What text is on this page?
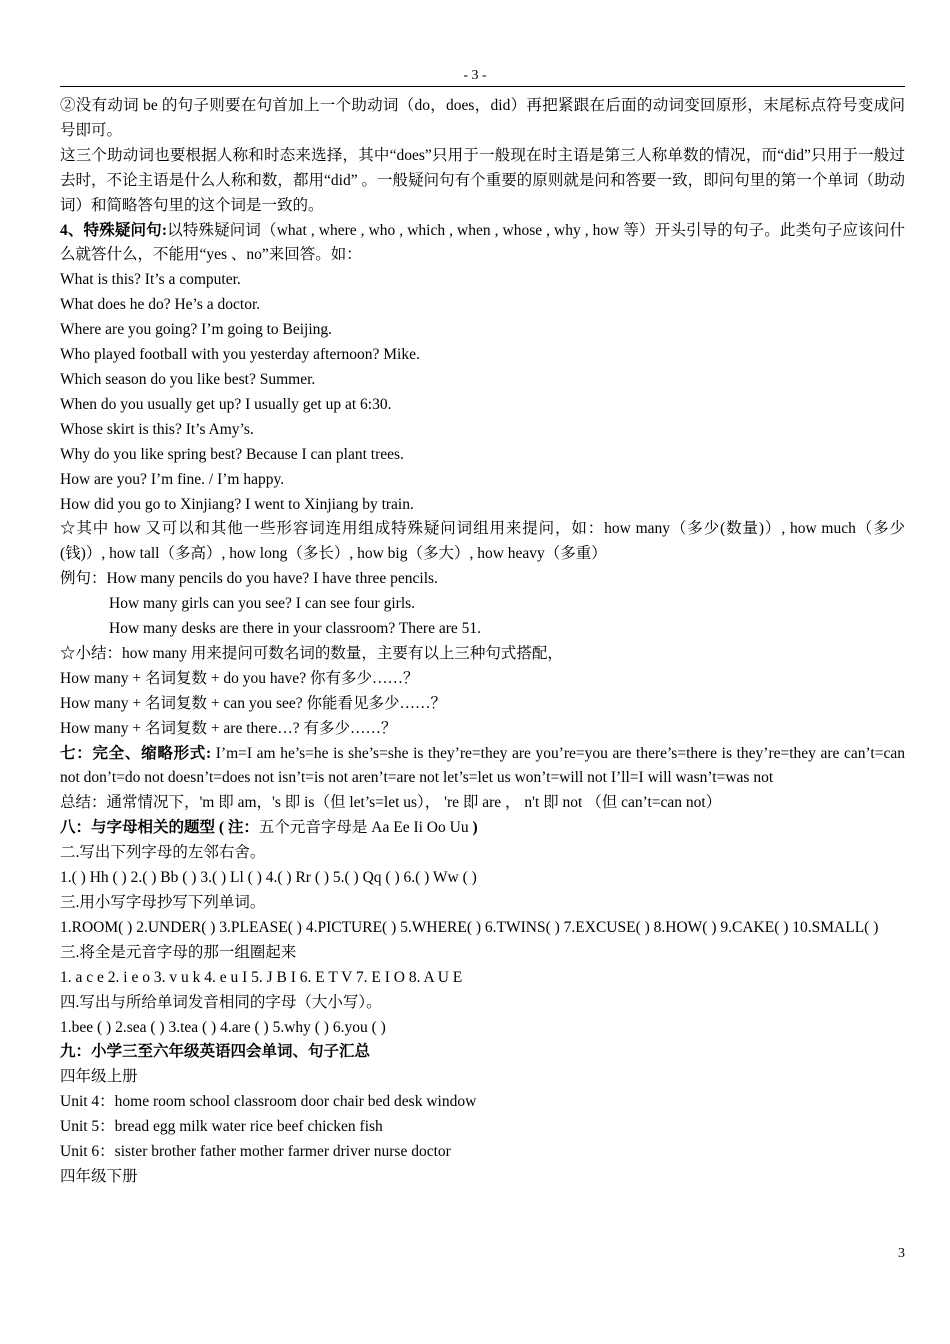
- 3 -

②没有动词 be 的句子则要在句首加上一个助动词（do，does，did）再把紧跟在后面的动词变回原形，末尾标点符号变成问号即可。

这三个助动词也要根据人称和时态来选择，其中“does”只用于一般现在时主语是第三人称单数的情况，而“did”只用于一般过去时，不论主语是什么人称和数，都用“did” 。一般疑问句有个重要的原则就是问和答要一致，即问句里的第一个单词（助动词）和简略答句里的这个词是一致的。

4、特殊疑问句:以特殊疑问词（what , where , who , which , when , whose , why , how 等）开头引导的句子。此类句子应该问什么就答什么，不能用“yes 、no”来回答。如：

What is this? It’s a computer.

What does he do? He’s a doctor.

Where are you going? I’m going to Beijing.

Who played football with you yesterday afternoon? Mike.

Which season do you like best? Summer.

When do you usually get up? I usually get up at 6:30.

Whose skirt is this? It’s Amy’s.

Why do you like spring best? Because I can plant trees.

How are you? I’m fine. / I’m happy.

How did you go to Xinjiang? I went to Xinjiang by train.

☆其中 how 又可以和其他一些形容词连用组成特殊疑问词组用来提问，如：how many（多少(数量)）, how much（多少(钱)）, how tall（多高）, how long（多长）, how big（多大）, how heavy（多重）

例句：How many pencils do you have? I have three pencils.

How many girls can you see? I can see four girls.

How many desks are there in your classroom? There are 51.

☆小结：how many 用来提问可数名词的数量，主要有以上三种句式搭配，

How many + 名词复数 + do you have? 你有多少……？

How many + 名词复数 + can you see? 你能看见多少……？

How many + 名词复数 + are there…? 有多少……？

七：完全、缩略形式: I’m=I am he’s=he is she’s=she is they’re=they are you’re=you are there’s=there is they’re=they are can’t=can not don’t=do not doesn’t=does not isn’t=is not aren’t=are not let’s=let us won’t=will not I’ll=I will wasn’t=was not

总结：通常情况下，'m 即 am，'s 即 is（但 let’s=let us）， 're 即 are ， n't 即 not （但 can’t=can not）

八：与字母相关的题型 ( 注：五个元音字母是 Aa Ee Ii Oo Uu )

二.写出下列字母的左邻右舍。

1.( ) Hh ( ) 2.( ) Bb ( ) 3.( ) Ll ( ) 4.( ) Rr ( ) 5.( ) Qq ( ) 6.( ) Ww ( )

三.用小写字母抄写下列单词。

1.ROOM( ) 2.UNDER( ) 3.PLEASE( ) 4.PICTURE( ) 5.WHERE( ) 6.TWINS( ) 7.EXCUSE( ) 8.HOW( ) 9.CAKE( ) 10.SMALL( )

三.将全是元音字母的那一组圈起来

1. a c e 2. i e o 3. v u k 4. e u I 5. J B I 6. E T V 7. E I O 8. A U E

四.写出与所给单词发音相同的字母（大小写）。

1.bee ( ) 2.sea ( ) 3.tea ( ) 4.are ( ) 5.why ( ) 6.you ( )

九：小学三至六年级英语四会单词、句子汇总

四年级上册

Unit 4：home room school classroom door chair bed desk window

Unit 5：bread egg milk water rice beef chicken fish

Unit 6：sister brother father mother farmer driver nurse doctor

四年级下册

3
